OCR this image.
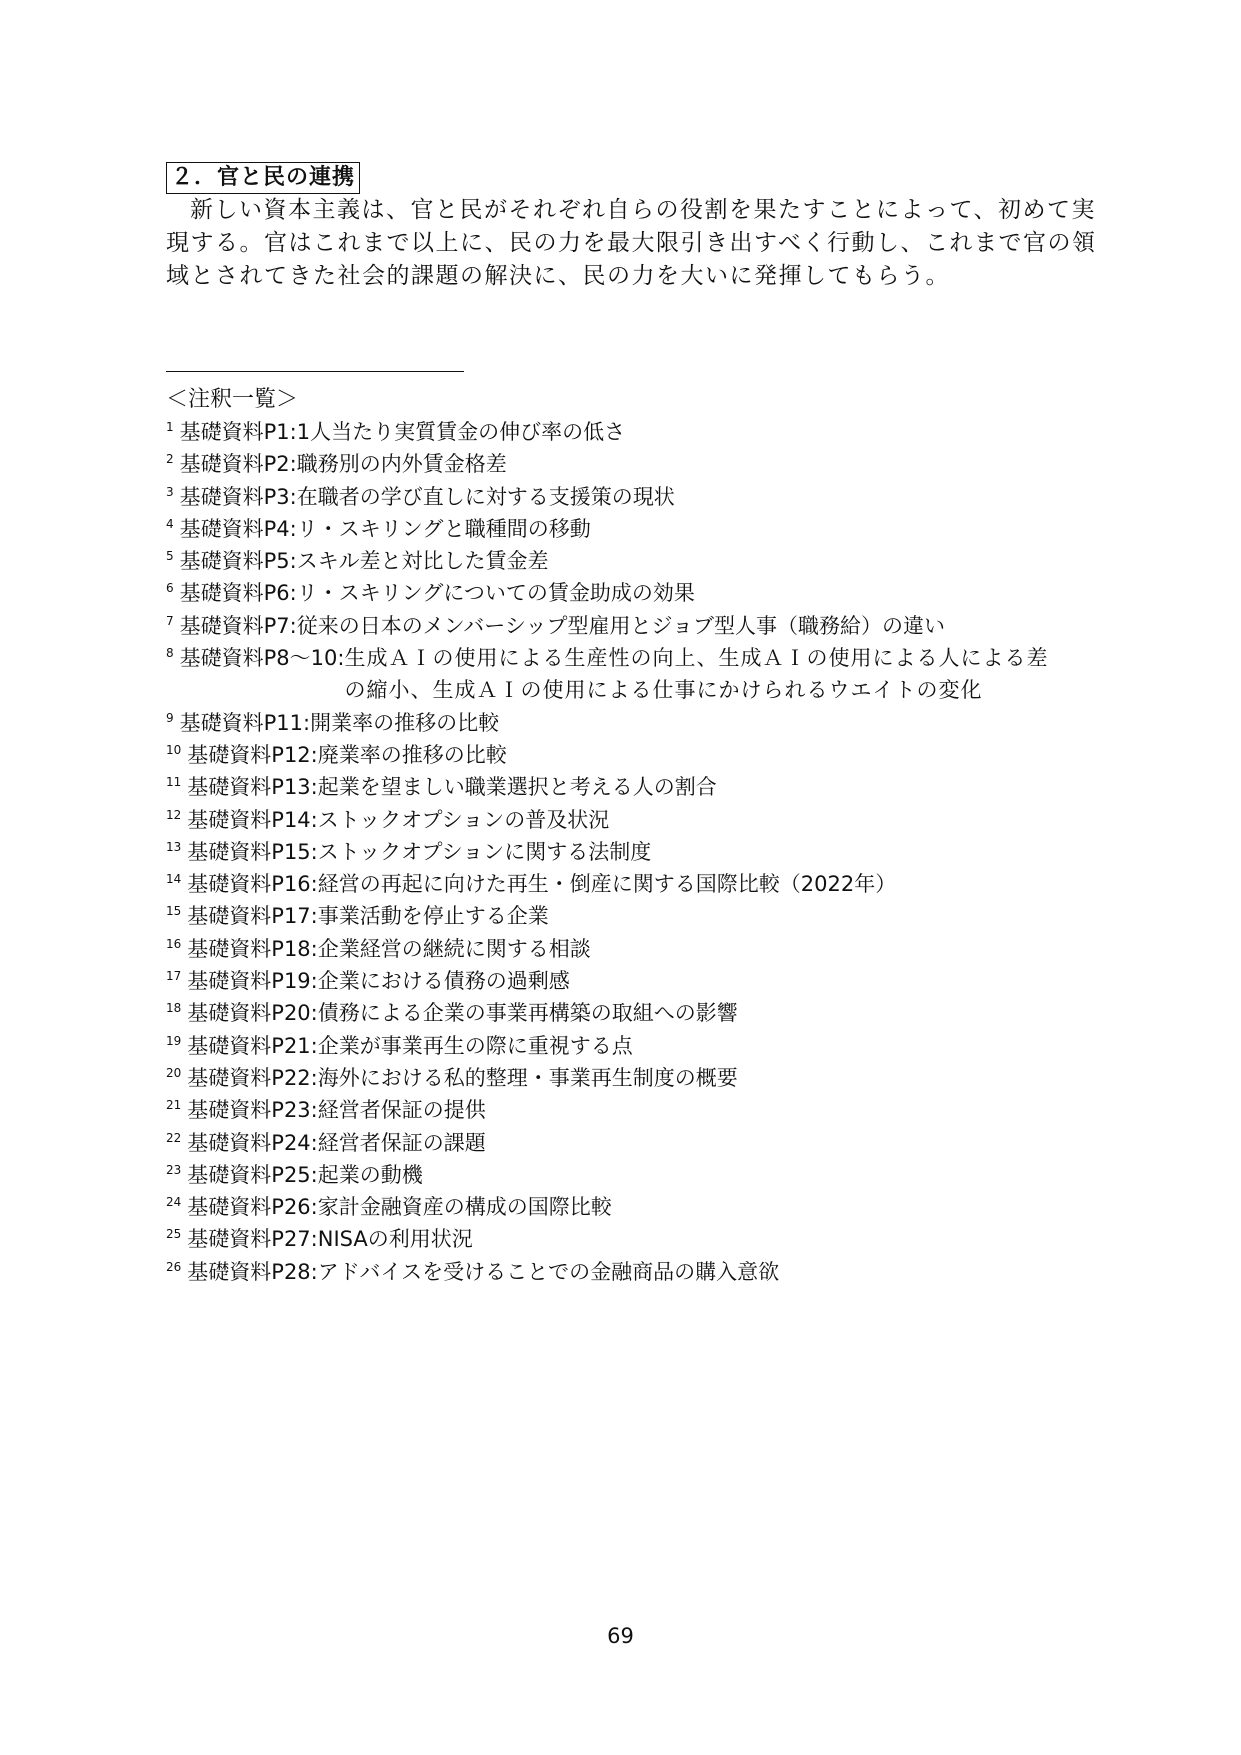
２．官と民の連携

新しい資本主義は、官と民がそれぞれ自らの役割を果たすことによって、初めて実現する。官はこれまで以上に、民の力を最大限引き出すべく行動し、これまで官の領域とされてきた社会的課題の解決に、民の力を大いに発揮してもらう。

＜注釈一覧＞
1 基礎資料P1 : 1人当たり実質賃金の伸び率の低さ
2 基礎資料P2 : 職務別の内外賃金格差
3 基礎資料P3 : 在職者の学び直しに対する支援策の現状
4 基礎資料P4 : リ・スキリングと職種間の移動
5 基礎資料P5 : スキル差と対比した賃金差
6 基礎資料P6 : リ・スキリングについての賃金助成の効果
7 基礎資料P7 : 従来の日本のメンバーシップ型雇用とジョブ型人事（職務給）の違い
8 基礎資料P8～10 : 生成ＡＩの使用による生産性の向上、生成ＡＩの使用による人による差の縮小、生成ＡＩの使用による仕事にかけられるウエイトの変化
9 基礎資料P11 : 開業率の推移の比較
10 基礎資料P12 : 廃業率の推移の比較
11 基礎資料P13 : 起業を望ましい職業選択と考える人の割合
12 基礎資料P14 : ストックオプションの普及状況
13 基礎資料P15 : ストックオプションに関する法制度
14 基礎資料P16 : 経営の再起に向けた再生・倒産に関する国際比較（2022年）
15 基礎資料P17 : 事業活動を停止する企業
16 基礎資料P18 : 企業経営の継続に関する相談
17 基礎資料P19 : 企業における債務の過剰感
18 基礎資料P20 : 債務による企業の事業再構築の取組への影響
19 基礎資料P21 : 企業が事業再生の際に重視する点
20 基礎資料P22 : 海外における私的整理・事業再生制度の概要
21 基礎資料P23 : 経営者保証の提供
22 基礎資料P24 : 経営者保証の課題
23 基礎資料P25 : 起業の動機
24 基礎資料P26 : 家計金融資産の構成の国際比較
25 基礎資料P27 : NISAの利用状況
26 基礎資料P28 : アドバイスを受けることでの金融商品の購入意欲
69
